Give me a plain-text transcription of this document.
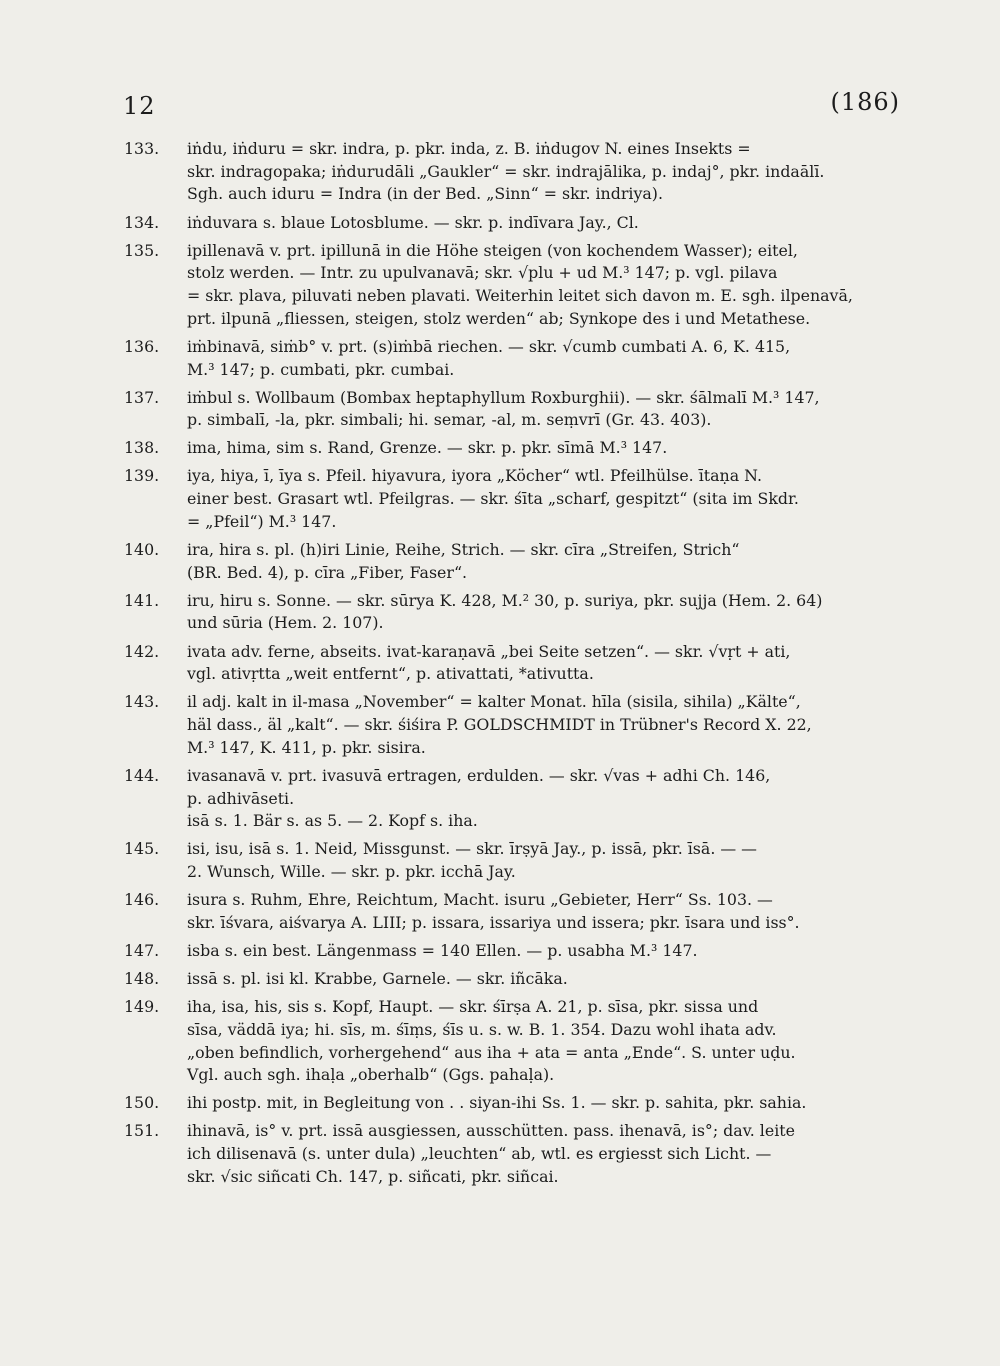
12	(186)
133. iṅdu, iṅduru = skr. indra, p. pkr. inda, z. B. iṅdugov N. eines Insekts =
skr. indragopaka; iṅdurudāli „Gaukler“ = skr. indrajālika, p. indaj°, pkr. indaālī.
Sgh. auch iduru = Indra (in der Bed. „Sinn“ = skr. indriya).
134. iṅduvara s. blaue Lotosblume. — skr. p. indīvara Jay., Cl.
135. ipillenavā v. prt. ipillunā in die Höhe steigen (von kochendem Wasser); eitel,
stolz werden. — Intr. zu upulvanavā; skr. √plu + ud M.³ 147; p. vgl. pilava
= skr. plava, piluvati neben plavati. Weiterhin leitet sich davon m. E. sgh. ilpenavā,
prt. ilpunā „fliessen, steigen, stolz werden“ ab; Synkope des i und Metathese.
136. iṁbinavā, siṁb° v. prt. (s)iṁbā riechen. — skr. √cumb cumbati A. 6, K. 415,
M.³ 147; p. cumbati, pkr. cumbai.
137. iṁbul s. Wollbaum (Bombax heptaphyllum Roxburghii). — skr. śālmalī M.³ 147,
p. simbalī, -la, pkr. simbali; hi. semar, -al, m. seṃvrī (Gr. 43. 403).
138. ima, hima, sim s. Rand, Grenze. — skr. p. pkr. sīmā M.³ 147.
139. iya, hiya, ī, īya s. Pfeil. hiyavura, iyora „Köcher“ wtl. Pfeilhülse. ītaṇa N.
einer best. Grasart wtl. Pfeilgras. — skr. śīta „scharf, gespitzt“ (sita im Skdr.
= „Pfeil“) M.³ 147.
140. ira, hira s. pl. (h)iri Linie, Reihe, Strich. — skr. cīra „Streifen, Strich“
(BR. Bed. 4), p. cīra „Fiber, Faser“.
141. iru, hiru s. Sonne. — skr. sūrya K. 428, M.² 30, p. suriya, pkr. sujja (Hem. 2. 64)
und sūria (Hem. 2. 107).
142. ivata adv. ferne, abseits. ivat-karaṇavā „bei Seite setzen“. — skr. √vṛt + ati,
vgl. ativṛtta „weit entfernt“, p. ativattati, *ativutta.
143. il adj. kalt in il-masa „November“ = kalter Monat. hīla (sisila, sihila) „Kälte“,
häl dass., äl „kalt“. — skr. śiśira P. GOLDSCHMIDT in Trübner's Record X. 22,
M.³ 147, K. 411, p. pkr. sisira.
144. ivasanavā v. prt. ivasuvā ertragen, erdulden. — skr. √vas + adhi Ch. 146,
p. adhivāseti.
isā s. 1. Bär s. as 5. — 2. Kopf s. iha.
145. isi, isu, isā s. 1. Neid, Missgunst. — skr. īrṣyā Jay., p. issā, pkr. īsā. — —
2. Wunsch, Wille. — skr. p. pkr. icchā Jay.
146. isura s. Ruhm, Ehre, Reichtum, Macht. isuru „Gebieter, Herr“ Ss. 103. —
skr. īśvara, aiśvarya A. LIII; p. issara, issariya und issera; pkr. īsara und iss°.
147. isba s. ein best. Längenmass = 140 Ellen. — p. usabha M.³ 147.
148. issā s. pl. isi kl. Krabbe, Garnele. — skr. iñcāka.
149. iha, isa, his, sis s. Kopf, Haupt. — skr. śīrṣa A. 21, p. sīsa, pkr. sissa und
sīsa, väddā iya; hi. sīs, m. śīṃs, śīs u. s. w. B. 1. 354. Dazu wohl ihata adv.
„oben befindlich, vorhergehend“ aus iha + ata = anta „Ende“. S. unter uḍu.
Vgl. auch sgh. ihaḷa „oberhalb“ (Ggs. pahaḷa).
150. ihi postp. mit, in Begleitung von . . siyan-ihi Ss. 1. — skr. p. sahita, pkr. sahia.
151. ihinavā, is° v. prt. issā ausgiessen, ausschütten. pass. ihenavā, is°; dav. leite
ich dilisenavā (s. unter dula) „leuchten“ ab, wtl. es ergiesst sich Licht. —
skr. √sic siñcati Ch. 147, p. siñcati, pkr. siñcai.
